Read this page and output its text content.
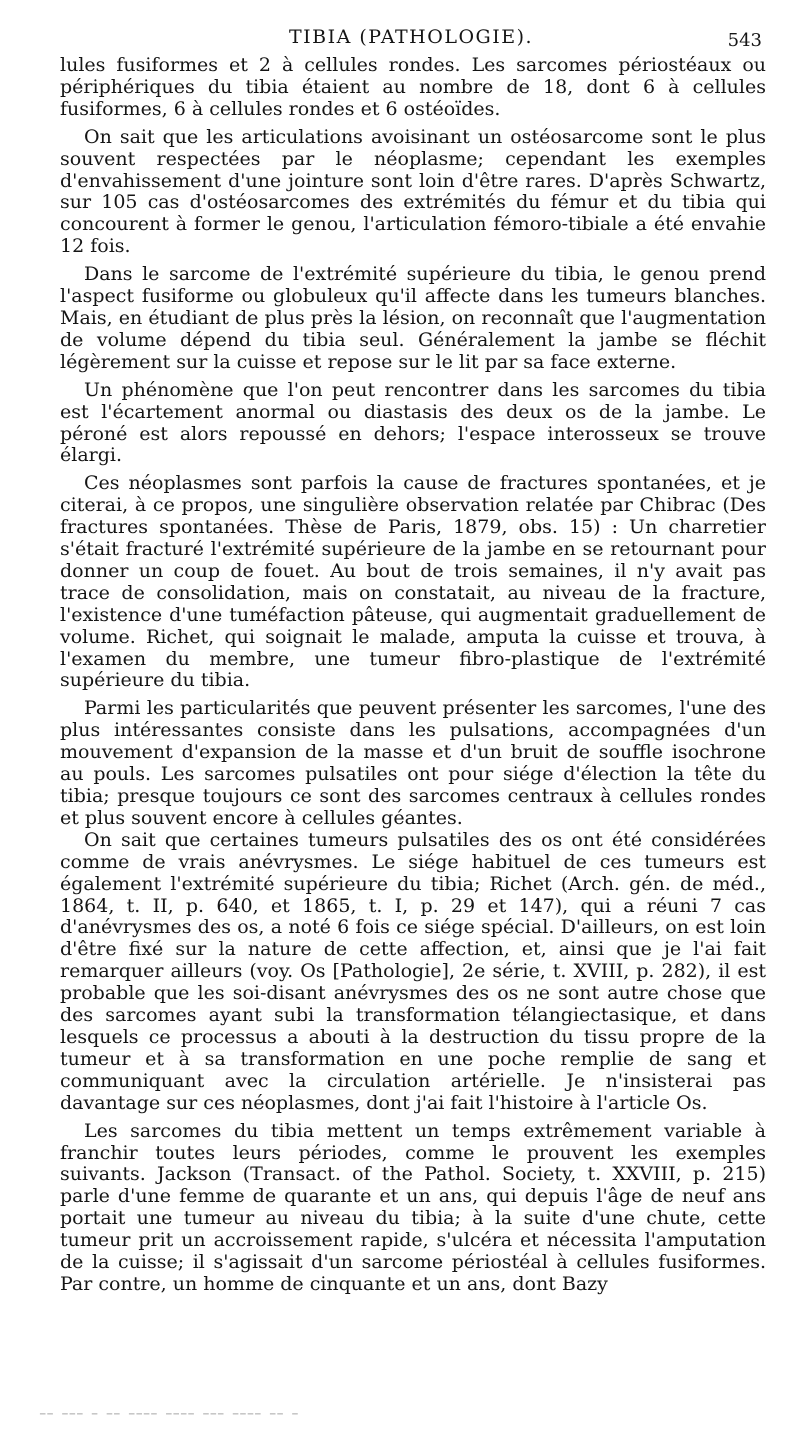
TIBIA (PATHOLOGIE).	543

lules fusiformes et 2 à cellules rondes. Les sarcomes périostéaux ou périphériques du tibia étaient au nombre de 18, dont 6 à cellules fusiformes, 6 à cellules rondes et 6 ostéoïdes.

On sait que les articulations avoisinant un ostéosarcome sont le plus souvent respectées par le néoplasme; cependant les exemples d'envahissement d'une jointure sont loin d'être rares. D'après Schwartz, sur 105 cas d'ostéosarcomes des extrémités du fémur et du tibia qui concourent à former le genou, l'articulation fémoro-tibiale a été envahie 12 fois.

Dans le sarcome de l'extrémité supérieure du tibia, le genou prend l'aspect fusiforme ou globuleux qu'il affecte dans les tumeurs blanches. Mais, en étudiant de plus près la lésion, on reconnaît que l'augmentation de volume dépend du tibia seul. Généralement la jambe se fléchit légèrement sur la cuisse et repose sur le lit par sa face externe.

Un phénomène que l'on peut rencontrer dans les sarcomes du tibia est l'écartement anormal ou diastasis des deux os de la jambe. Le péroné est alors repoussé en dehors; l'espace interosseux se trouve élargi.

Ces néoplasmes sont parfois la cause de fractures spontanées, et je citerai, à ce propos, une singulière observation relatée par Chibrac (Des fractures spontanées. Thèse de Paris, 1879, obs. 15) : Un charretier s'était fracturé l'extrémité supérieure de la jambe en se retournant pour donner un coup de fouet. Au bout de trois semaines, il n'y avait pas trace de consolidation, mais on constatait, au niveau de la fracture, l'existence d'une tuméfaction pâteuse, qui augmentait graduellement de volume. Richet, qui soignait le malade, amputa la cuisse et trouva, à l'examen du membre, une tumeur fibro-plastique de l'extrémité supérieure du tibia.

Parmi les particularités que peuvent présenter les sarcomes, l'une des plus intéressantes consiste dans les pulsations, accompagnées d'un mouvement d'expansion de la masse et d'un bruit de souffle isochrone au pouls. Les sarcomes pulsatiles ont pour siége d'élection la tête du tibia; presque toujours ce sont des sarcomes centraux à cellules rondes et plus souvent encore à cellules géantes.

On sait que certaines tumeurs pulsatiles des os ont été considérées comme de vrais anévrysmes. Le siége habituel de ces tumeurs est également l'extrémité supérieure du tibia; Richet (Arch. gén. de méd., 1864, t. II, p. 640, et 1865, t. I, p. 29 et 147), qui a réuni 7 cas d'anévrysmes des os, a noté 6 fois ce siége spécial. D'ailleurs, on est loin d'être fixé sur la nature de cette affection, et, ainsi que je l'ai fait remarquer ailleurs (voy. Os [Pathologie], 2e série, t. XVIII, p. 282), il est probable que les soi-disant anévrysmes des os ne sont autre chose que des sarcomes ayant subi la transformation télangiectasique, et dans lesquels ce processus a abouti à la destruction du tissu propre de la tumeur et à sa transformation en une poche remplie de sang et communiquant avec la circulation artérielle. Je n'insisterai pas davantage sur ces néoplasmes, dont j'ai fait l'histoire à l'article Os.

Les sarcomes du tibia mettent un temps extrêmement variable à franchir toutes leurs périodes, comme le prouvent les exemples suivants. Jackson (Transact. of the Pathol. Society, t. XXVIII, p. 215) parle d'une femme de quarante et un ans, qui depuis l'âge de neuf ans portait une tumeur au niveau du tibia; à la suite d'une chute, cette tumeur prit un accroissement rapide, s'ulcéra et nécessita l'amputation de la cuisse; il s'agissait d'un sarcome périostéal à cellules fusiformes. Par contre, un homme de cinquante et un ans, dont Bazy

── ─── ─ ── ──── ──── ─── ──── ── ─
